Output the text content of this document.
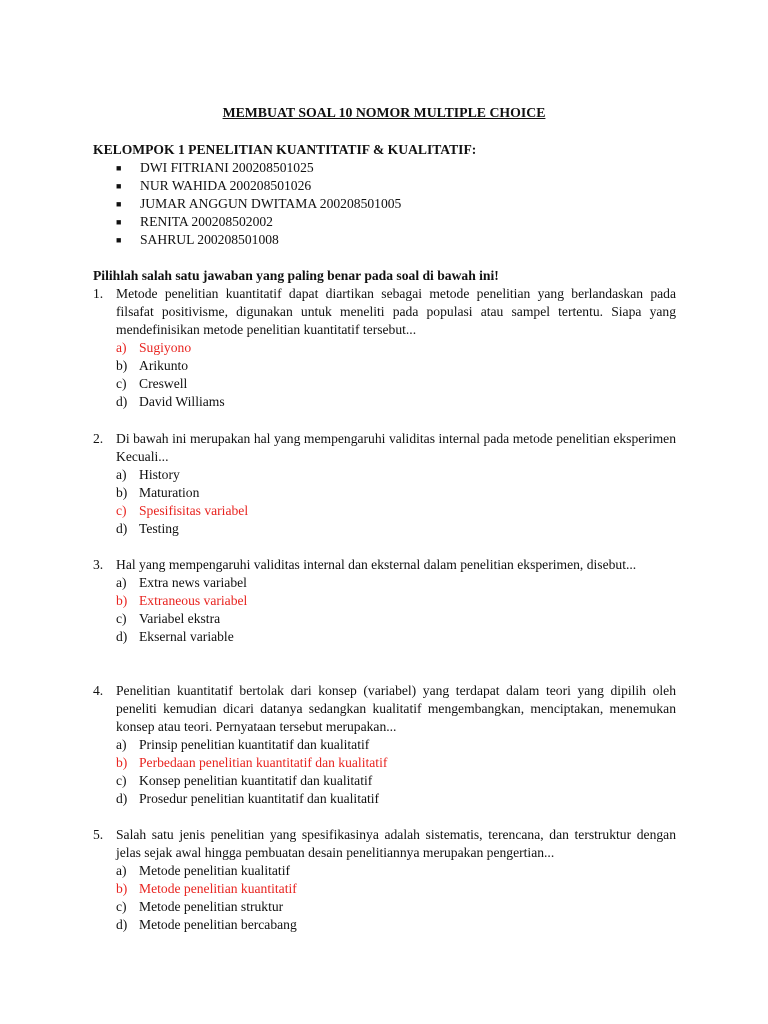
MEMBUAT SOAL 10 NOMOR MULTIPLE CHOICE
KELOMPOK 1 PENELITIAN KUANTITATIF & KUALITATIF:
■ DWI FITRIANI 200208501025
■ NUR WAHIDA 200208501026
■ JUMAR ANGGUN DWITAMA 200208501005
■ RENITA 200208502002
■ SAHRUL 200208501008
Pilihlah salah satu jawaban yang paling benar pada soal di bawah ini!
1. Metode penelitian kuantitatif dapat diartikan sebagai metode penelitian yang berlandaskan pada filsafat positivisme, digunakan untuk meneliti pada populasi atau sampel tertentu. Siapa yang mendefinisikan metode penelitian kuantitatif tersebut...
a) Sugiyono
b) Arikunto
c) Creswell
d) David Williams
2. Di bawah ini merupakan hal yang mempengaruhi validitas internal pada metode penelitian eksperimen Kecuali...
a) History
b) Maturation
c) Spesifisitas variabel
d) Testing
3. Hal yang mempengaruhi validitas internal dan eksternal dalam penelitian eksperimen, disebut...
a) Extra news variabel
b) Extraneous variabel
c) Variabel ekstra
d) Eksernal variable
4. Penelitian kuantitatif bertolak dari konsep (variabel) yang terdapat dalam teori yang dipilih oleh peneliti kemudian dicari datanya sedangkan kualitatif mengembangkan, menciptakan, menemukan konsep atau teori. Pernyataan tersebut merupakan...
a) Prinsip penelitian kuantitatif dan kualitatif
b) Perbedaan penelitian kuantitatif dan kualitatif
c) Konsep penelitian kuantitatif dan kualitatif
d) Prosedur penelitian kuantitatif dan kualitatif
5. Salah satu jenis penelitian yang spesifikasinya adalah sistematis, terencana, dan terstruktur dengan jelas sejak awal hingga pembuatan desain penelitiannya merupakan pengertian...
a) Metode penelitian kualitatif
b) Metode penelitian kuantitatif
c) Metode penelitian struktur
d) Metode penelitian bercabang
